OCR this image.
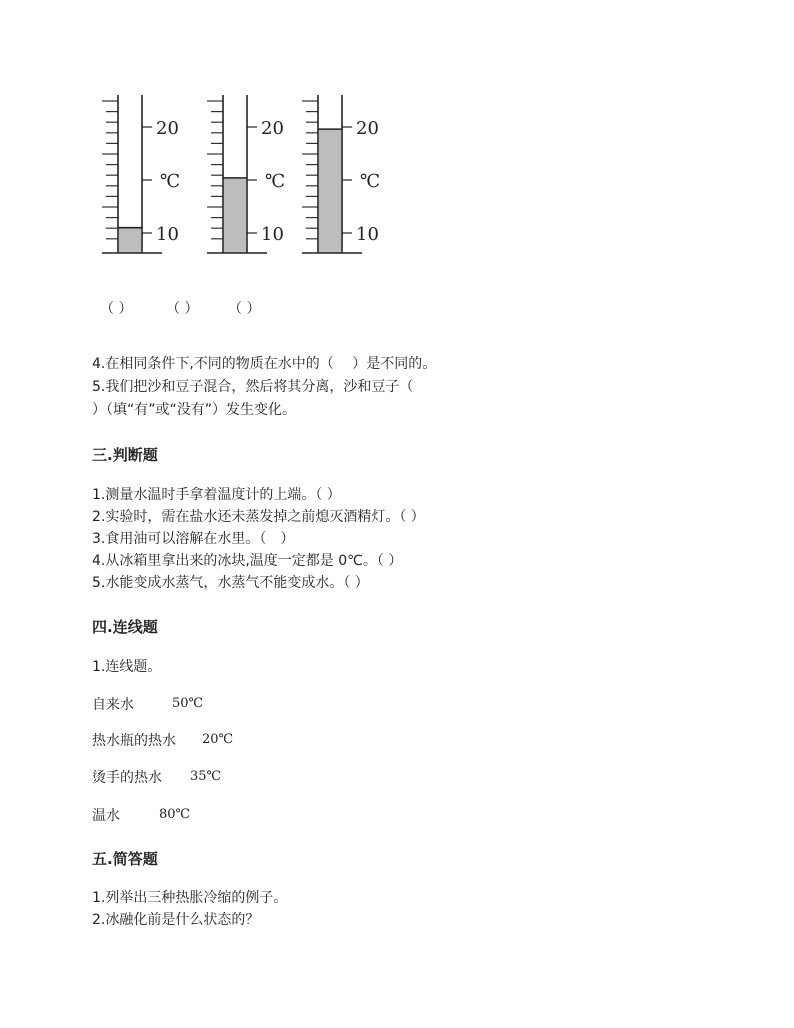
20
℃
10
20
℃
10
20
℃
10
（ ） （ ） （ ）
4.在相同条件下,不同的物质在水中的（　 ）是不同的。
5.我们把沙和豆子混合，然后将其分离，沙和豆子（
）（填“有”或“没有”）发生变化。
三.判断题
1.测量水温时手拿着温度计的上端。（ ）
2.实验时，需在盐水还未蒸发掉之前熄灭酒精灯。（ ）
3.食用油可以溶解在水里。（　）
4.从冰箱里拿出来的冰块,温度一定都是 0℃。（ ）
5.水能变成水蒸气，水蒸气不能变成水。（ ）
四.连线题
1.连线题。
自来水	50℃
热水瓶的热水 20℃
烫手的热水 35℃
温水	80℃
五.简答题
1.列举出三种热胀冷缩的例子。
2.冰融化前是什么状态的？
